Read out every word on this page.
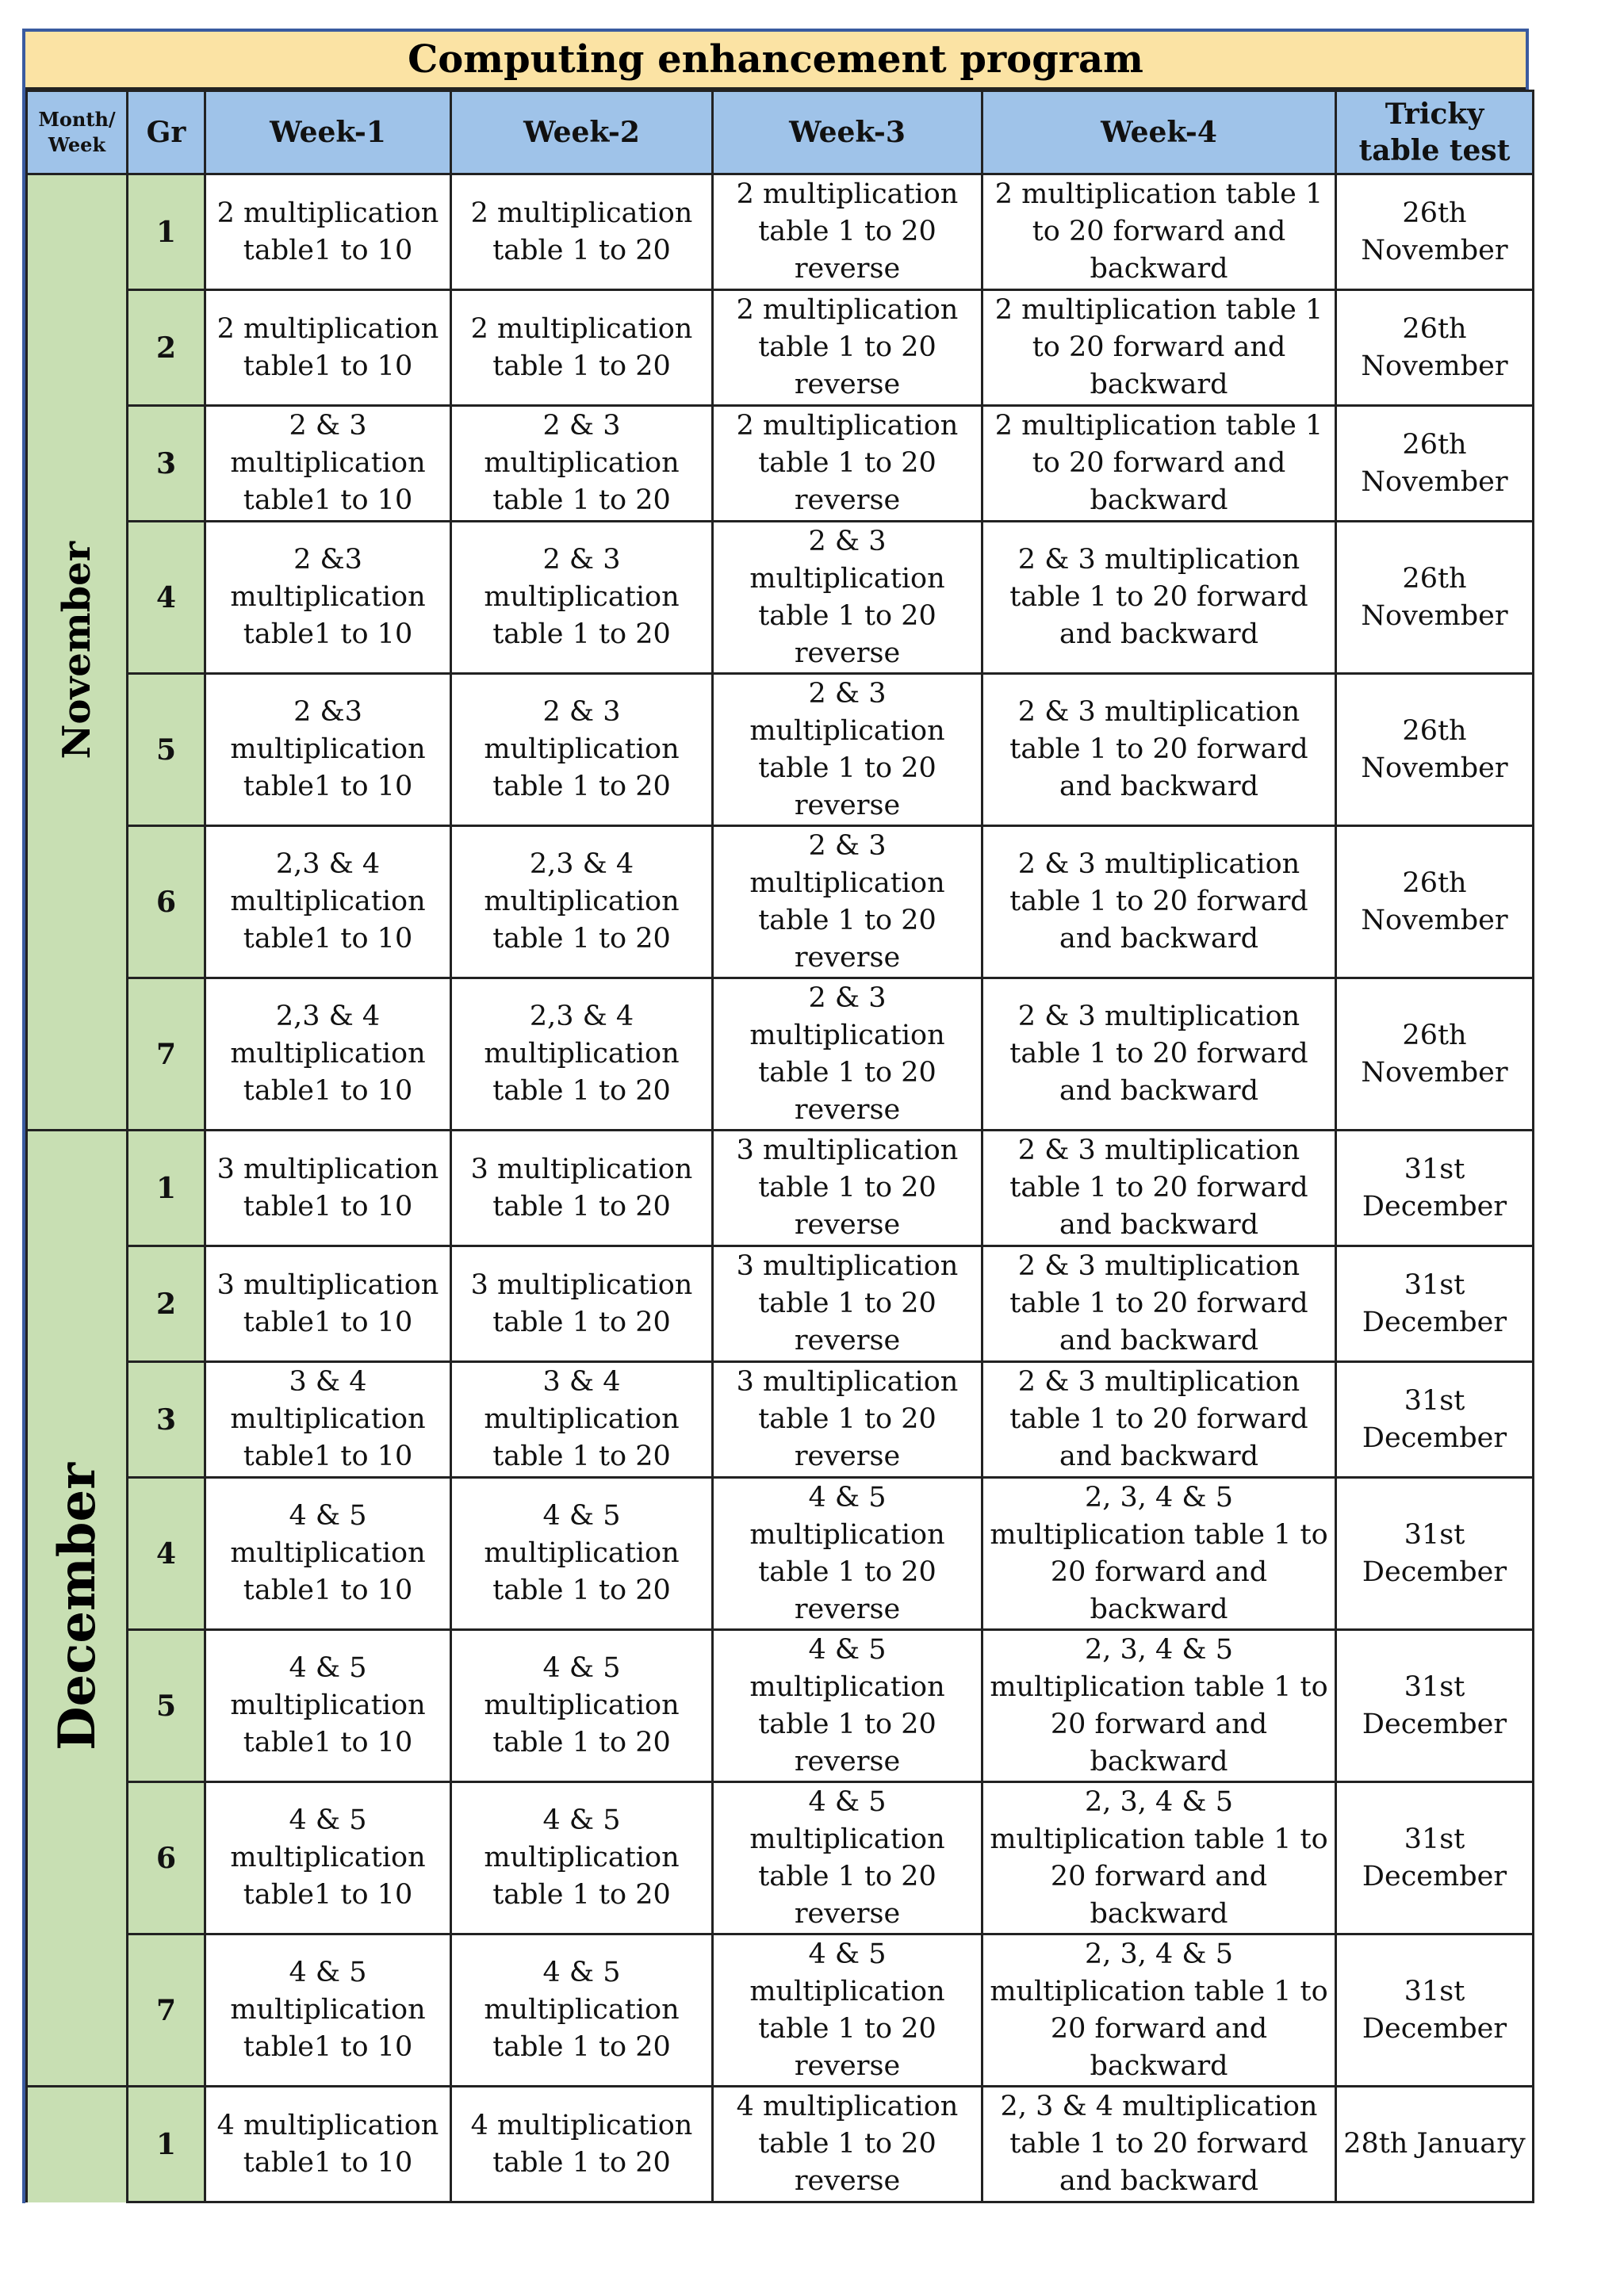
Computing enhancement program
Month/ Week	Gr	Week-1	Week-2	Week-3	Week-4	Tricky table test
November	1	2 multiplication table1 to 10	2 multiplication table 1 to 20	2 multiplication table 1 to 20 reverse	2 multiplication table 1 to 20 forward and backward	26th November
	2	2 multiplication table1 to 10	2 multiplication table 1 to 20	2 multiplication table 1 to 20 reverse	2 multiplication table 1 to 20 forward and backward	26th November
	3	2 & 3 multiplication table1 to 10	2 & 3 multiplication table 1 to 20	2 multiplication table 1 to 20 reverse	2 multiplication table 1 to 20 forward and backward	26th November
	4	2 &3 multiplication table1 to 10	2 & 3 multiplication table 1 to 20	2 & 3 multiplication table 1 to 20 reverse	2 & 3 multiplication table 1 to 20 forward and backward	26th November
	5	2 &3 multiplication table1 to 10	2 & 3 multiplication table 1 to 20	2 & 3 multiplication table 1 to 20 reverse	2 & 3 multiplication table 1 to 20 forward and backward	26th November
	6	2,3 & 4 multiplication table1 to 10	2,3 & 4 multiplication table 1 to 20	2 & 3 multiplication table 1 to 20 reverse	2 & 3 multiplication table 1 to 20 forward and backward	26th November
	7	2,3 & 4 multiplication table1 to 10	2,3 & 4 multiplication table 1 to 20	2 & 3 multiplication table 1 to 20 reverse	2 & 3 multiplication table 1 to 20 forward and backward	26th November
December	1	3 multiplication table1 to 10	3 multiplication table 1 to 20	3 multiplication table 1 to 20 reverse	2 & 3 multiplication table 1 to 20 forward and backward	31st December
	2	3 multiplication table1 to 10	3 multiplication table 1 to 20	3 multiplication table 1 to 20 reverse	2 & 3 multiplication table 1 to 20 forward and backward	31st December
	3	3 & 4 multiplication table1 to 10	3 & 4 multiplication table 1 to 20	3 multiplication table 1 to 20 reverse	2 & 3 multiplication table 1 to 20 forward and backward	31st December
	4	4 & 5 multiplication table1 to 10	4 & 5 multiplication table 1 to 20	4 & 5 multiplication table 1 to 20 reverse	2, 3, 4 & 5 multiplication table 1 to 20 forward and backward	31st December
	5	4 & 5 multiplication table1 to 10	4 & 5 multiplication table 1 to 20	4 & 5 multiplication table 1 to 20 reverse	2, 3, 4 & 5 multiplication table 1 to 20 forward and backward	31st December
	6	4 & 5 multiplication table1 to 10	4 & 5 multiplication table 1 to 20	4 & 5 multiplication table 1 to 20 reverse	2, 3, 4 & 5 multiplication table 1 to 20 forward and backward	31st December
	7	4 & 5 multiplication table1 to 10	4 & 5 multiplication table 1 to 20	4 & 5 multiplication table 1 to 20 reverse	2, 3, 4 & 5 multiplication table 1 to 20 forward and backward	31st December
	1	4 multiplication table1 to 10	4 multiplication table 1 to 20	4 multiplication table 1 to 20 reverse	2, 3 & 4 multiplication table 1 to 20 forward and backward	28th January
